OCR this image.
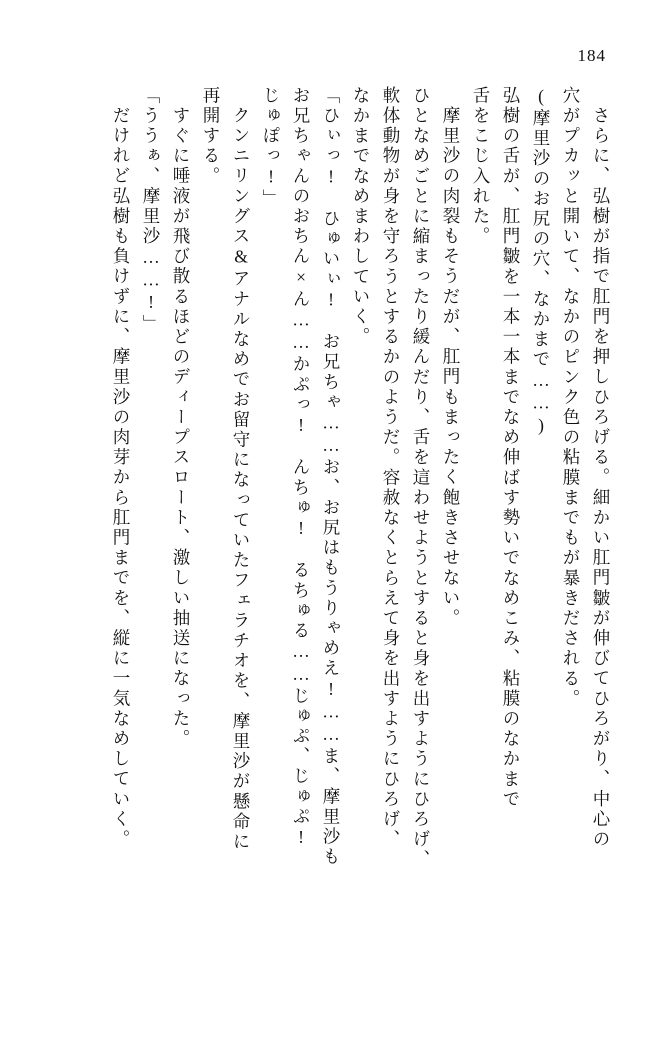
184
さらに、弘樹が指で肛門を押しひろげる。細かい肛門皺が伸びてひろがり、中心の
穴がプカッと開いて、なかのピンク色の粘膜までもが暴きだされる。
(摩里沙のお尻の穴、なかまで……)
弘樹の舌が、肛門皺を一本一本までなめ伸ばす勢いでなめこみ、粘膜のなかまで
舌をこじ入れた。
摩里沙の肉裂もそうだが、肛門もまったく飽きさせない。
ひとなめごとに縮まったり緩んだり、舌を這わせようとすると身を出すようにひろげ、
軟体動物が身を守ろうとするかのようだ。容赦なくとらえて身を出すようにひろげ、
なかまでなめまわしていく。
「ひぃっ!　ひゅいぃ!　お兄ちゃ……お、お尻はもうりゃめえ!……ま、摩里沙も
お兄ちゃんのおちん×ん……かぷっ!　んちゅ!　るちゅる……じゅぷ、じゅぷ!
じゅぽっ!」
クンニリングス&アナルなめでお留守になっていたフェラチオを、摩里沙が懸命に
再開する。
すぐに唾液が飛び散るほどのディープスロート、激しい抽送になった。
「ううぁ、摩里沙……!」
だけれど弘樹も負けずに、摩里沙の肉芽から肛門までを、縦に一気なめしていく。
